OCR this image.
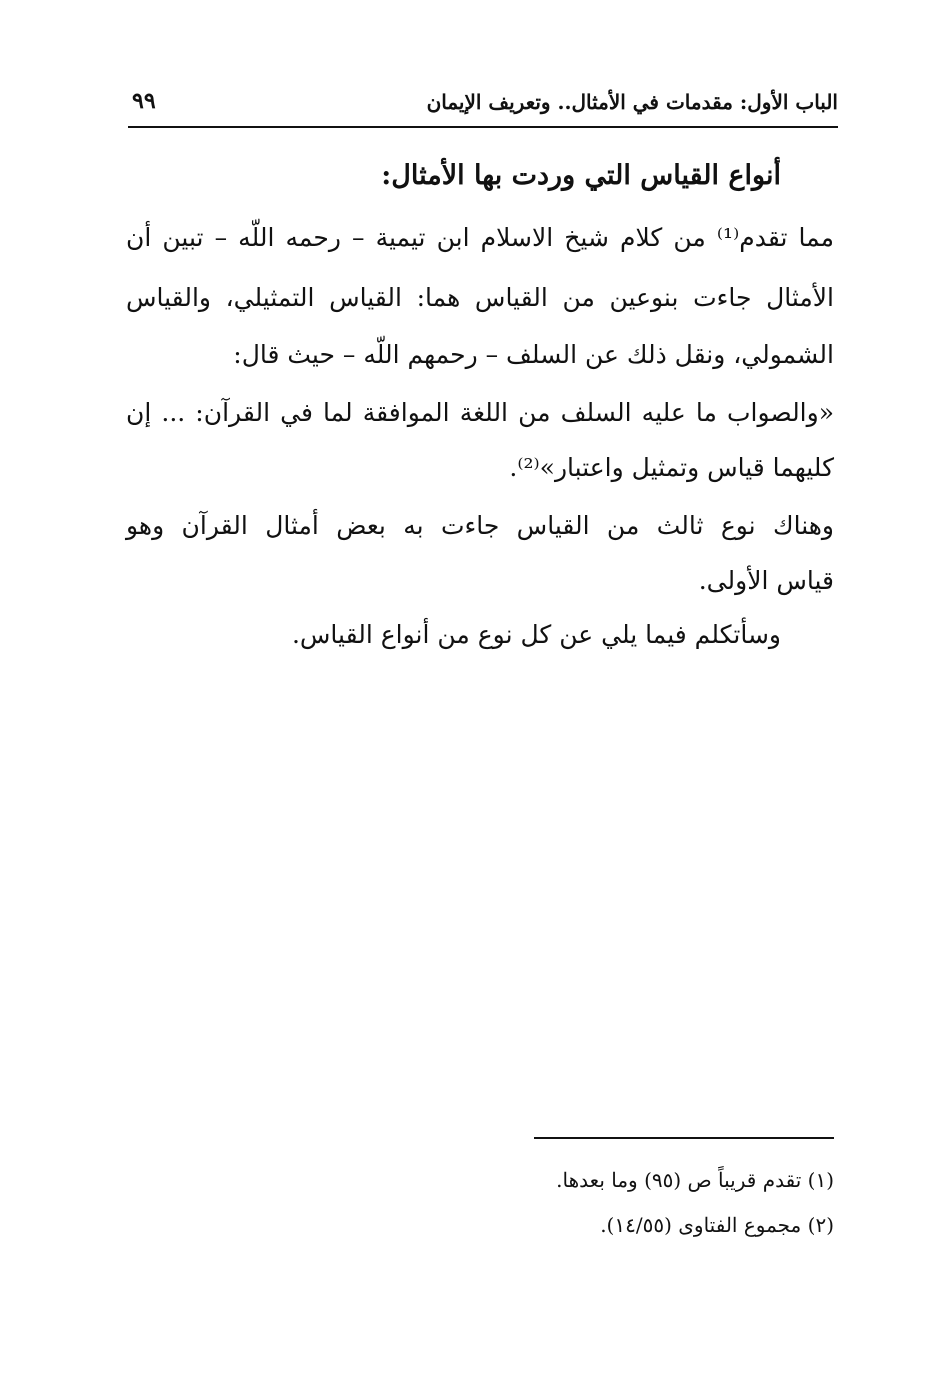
الباب الأول: مقدمات في الأمثال.. وتعريف الإيمان
٩٩
أنواع القياس التي وردت بها الأمثال:
مما تقدم⁽¹⁾ من كلام شيخ الاسلام ابن تيمية – رحمه اللّه – تبين أن
الأمثال جاءت بنوعين من القياس هما: القياس التمثيلي، والقياس
الشمولي، ونقل ذلك عن السلف – رحمهم اللّه – حيث قال:
«والصواب ما عليه السلف من اللغة الموافقة لما في القرآن: ... إن
كليهما قياس وتمثيل واعتبار»⁽²⁾.
وهناك نوع ثالث من القياس جاءت به بعض أمثال القرآن وهو
قياس الأولى.
وسأتكلم فيما يلي عن كل نوع من أنواع القياس.
(١) تقدم قريباً ص (٩٥) وما بعدها.
(٢) مجموع الفتاوى (١٤/٥٥).
